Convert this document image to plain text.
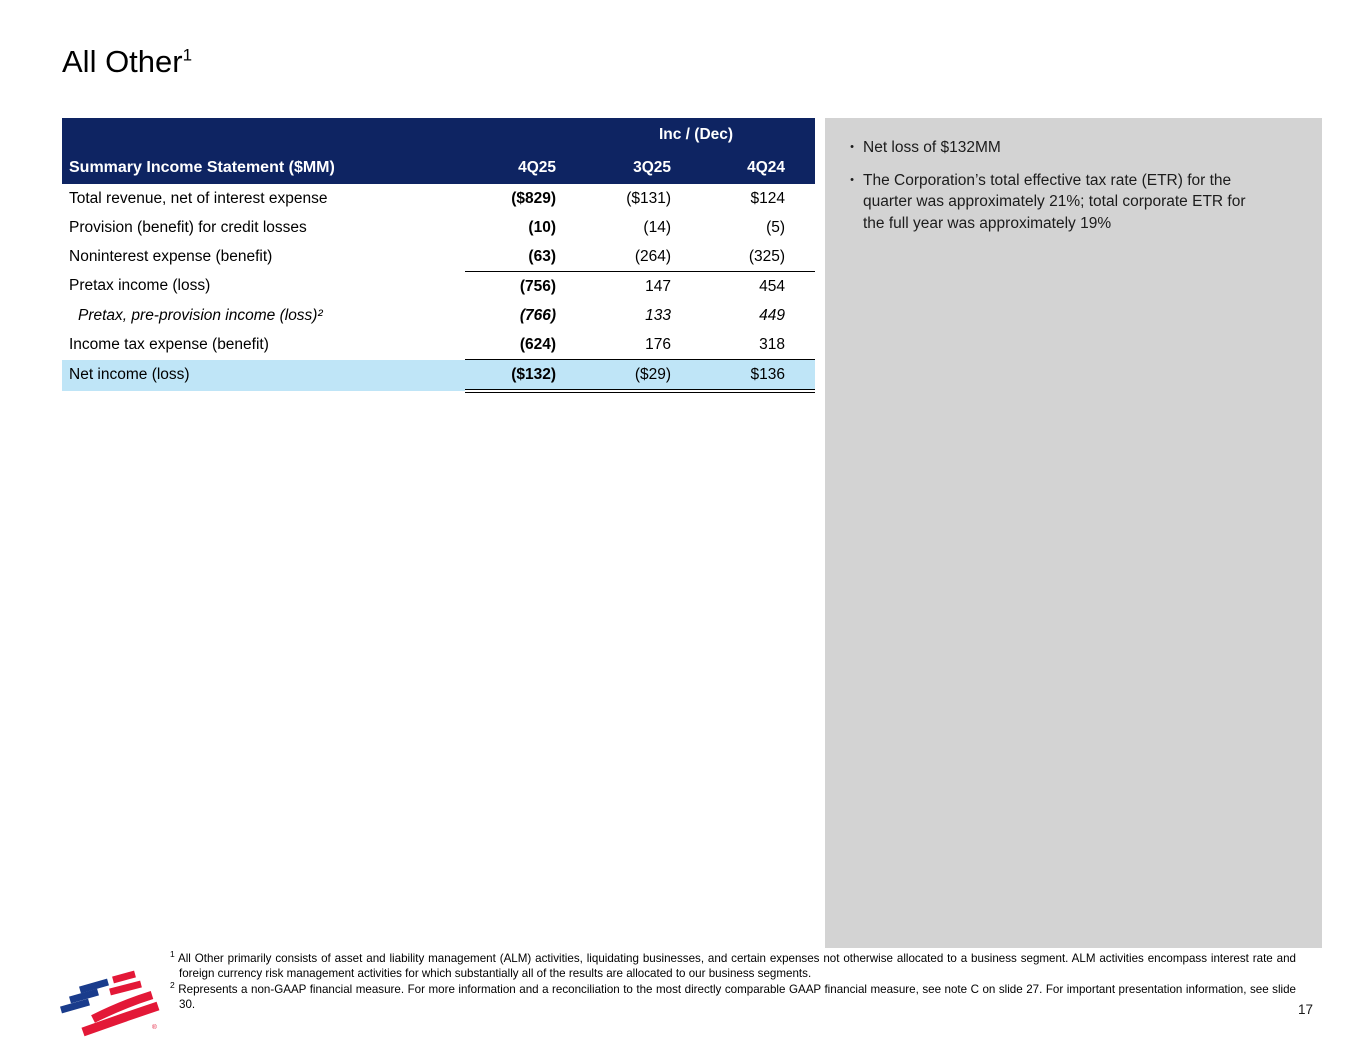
All Other$^1$
		Inc / (Dec)	
Summary Income Statement ($MM)	4Q25	3Q25	4Q24
Total revenue, net of interest expense	($829)	($131)	$124
Provision (benefit) for credit losses	(10)	(14)	(5)
Noninterest expense (benefit)	(63)	(264)	(325)
Pretax income (loss)	(756)	147	454
Pretax, pre-provision income (loss)²	(766)	133	449
Income tax expense (benefit)	(624)	176	318
Net income (loss)	($132)	($29)	$136
• Net loss of $132MM
• The Corporation’s total effective tax rate (ETR) for the quarter was approximately 21%; total corporate ETR for the full year was approximately 19%

$^1$ All Other primarily consists of asset and liability management (ALM) activities, liquidating businesses, and certain expenses not otherwise allocated to a business segment. ALM activities encompass interest rate and foreign currency risk management activities for which substantially all of the results are allocated to our business segments.

$^2$ Represents a non-GAAP financial measure. For more information and a reconciliation to the most directly comparable GAAP financial measure, see note C on slide 27. For important presentation information, see slide 30.

®
17
